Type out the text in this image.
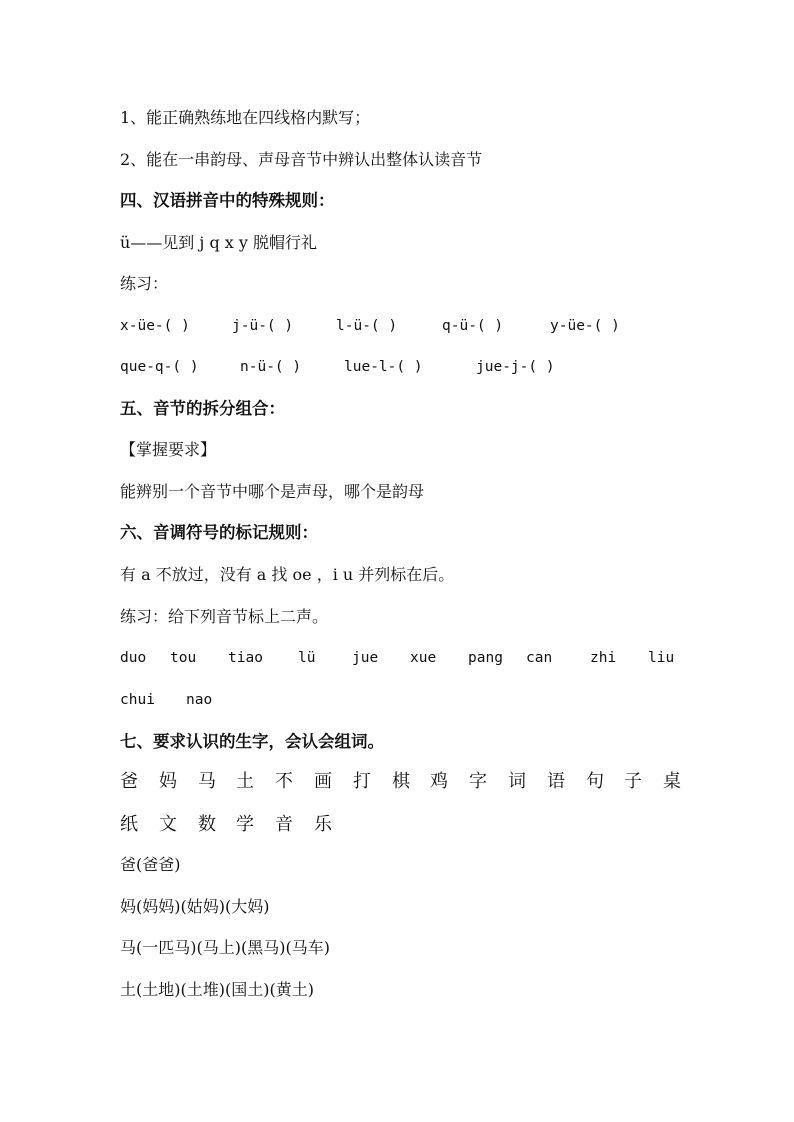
1、能正确熟练地在四线格内默写；
2、能在一串韵母、声母音节中辨认出整体认读音节
四、汉语拼音中的特殊规则：
ü——见到 j q x y 脱帽行礼
练习：
x-üe-( )	j-ü-( )	l-ü-( )	q-ü-( )	y-üe-( )
que-q-( )	n-ü-( )	lue-l-( )	jue-j-( )
五、音节的拆分组合：
【掌握要求】
能辨别一个音节中哪个是声母，哪个是韵母
六、音调符号的标记规则：
有 a 不放过，没有 a 找 oe ，i u 并列标在后。
练习：给下列音节标上二声。
duo tou tiao lü	jue xue pang can	zhi liu
chui nao
七、要求认识的生字，会认会组词。
爸 妈 马 土 不 画 打 棋 鸡 字 词 语 句 子 桌
纸 文 数 学 音 乐
爸(爸爸)
妈(妈妈)(姑妈)(大妈)
马(一匹马)(马上)(黑马)(马车)
土(土地)(土堆)(国土)(黄土)
